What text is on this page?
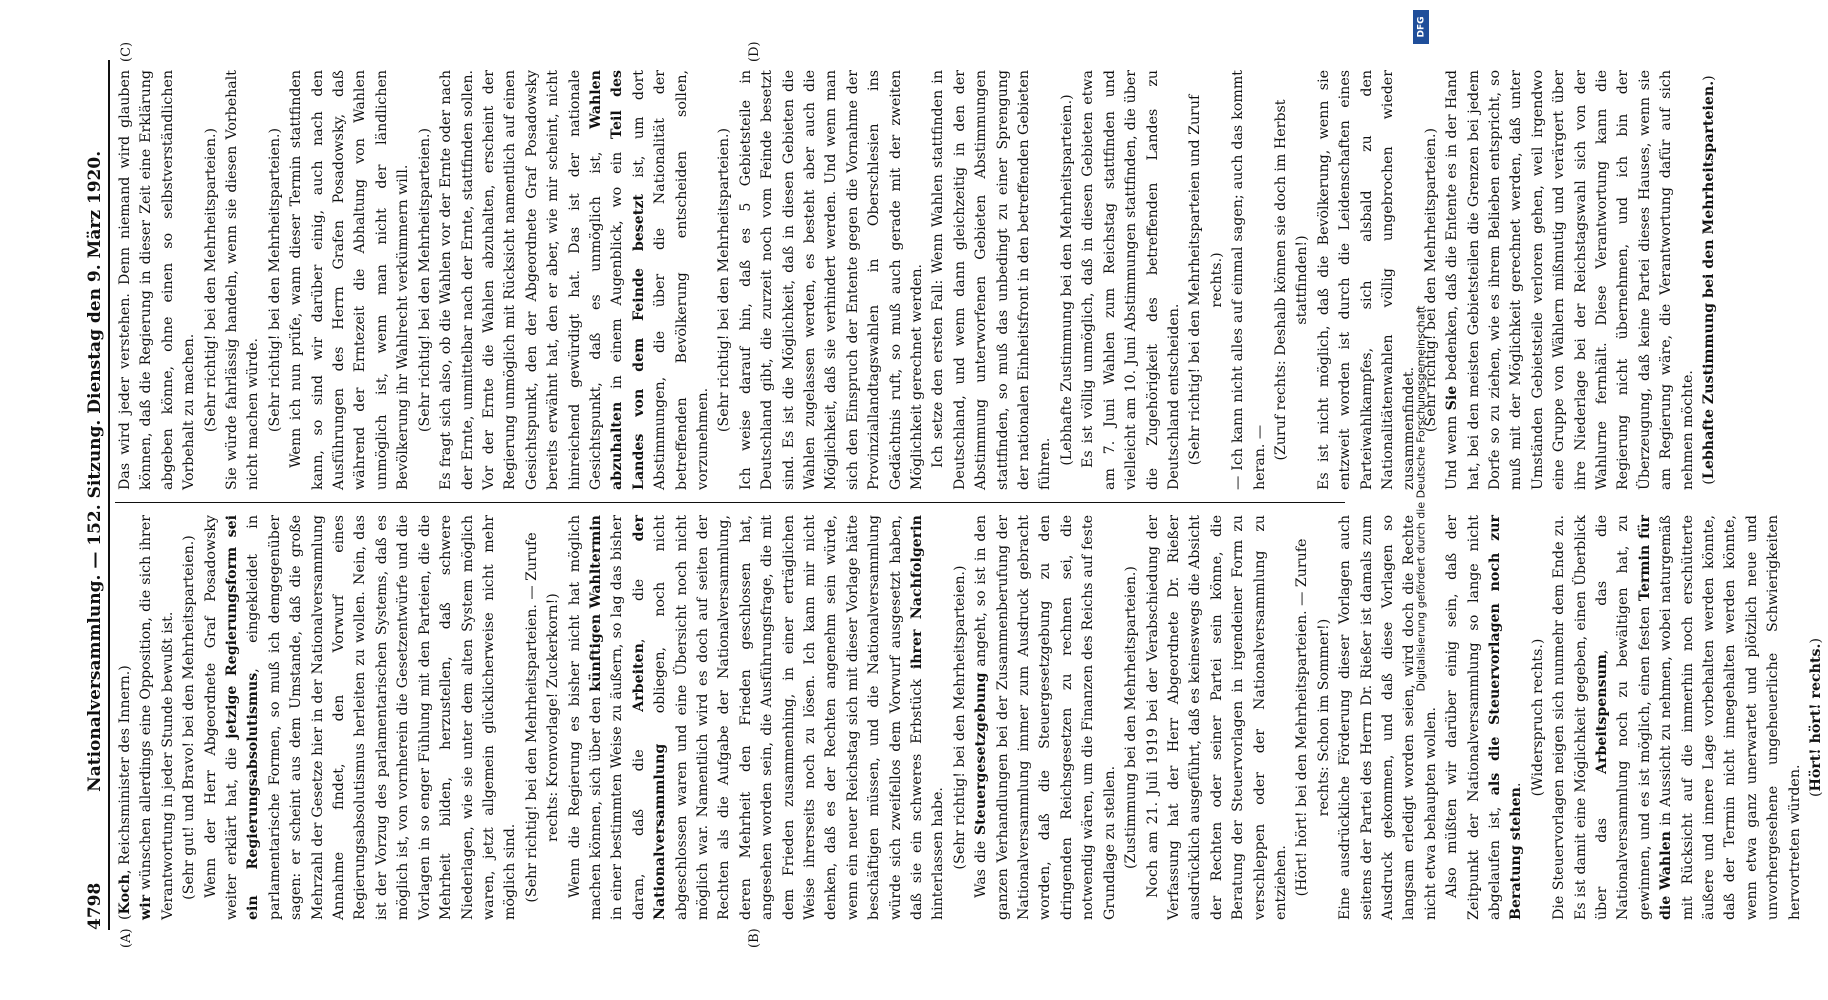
4798
Nationalversammlung. — 152. Sitzung. Dienstag den 9. März 1920.
(A)	(B)
(C)	(D)

(Koch, Reichsminister des Innern.)

wir wünschen allerdings eine Opposition, die sich ihrer Verantwortung in jeder Stunde bewußt ist. (Sehr gut! und Bravo! bei den Mehrheitsparteien.) Wenn der Herr Abgeordnete Graf Posadowsky weiter erklärt hat, die jetzige Regierungsform sei ein Regierungsabsolutismus, eingekleidet in parlamentarische Formen, so muß ich demgegenüber sagen: er scheint aus dem Umstande, daß die große Mehrzahl der Gesetze hier in der Nationalversammlung Annahme findet, den Vorwurf eines Regierungsabsolutismus herleiten zu wollen. Nein, das ist der Vorzug des parlamentarischen Systems, daß es möglich ist, von vornherein die Gesetzentwürfe und die Vorlagen in so enger Fühlung mit den Parteien, die die Mehrheit bilden, herzustellen, daß schwere Niederlagen, wie sie unter dem alten System möglich waren, jetzt allgemein glücklicherweise nicht mehr möglich sind. (Sehr richtig! bei den Mehrheitsparteien. — Zurufe rechts: Kronvorlage! Zuckerkorn!) Wenn die Regierung es bisher nicht hat möglich machen können, sich über den künftigen Wahltermin in einer bestimmten Weise zu äußern, so lag das bisher daran, daß die Arbeiten, die der Nationalversammlung obliegen, noch nicht abgeschlossen waren und eine Übersicht noch nicht möglich war. Namentlich wird es doch auf seiten der Rechten als die Aufgabe der Nationalversammlung, deren Mehrheit den Frieden geschlossen hat, angesehen worden sein, die Ausführungsfrage, die mit dem Frieden zusammenhing, in einer erträglichen Weise ihrerseits noch zu lösen. Ich kann mir nicht denken, daß es der Rechten angenehm sein würde, wenn ein neuer Reichstag sich mit dieser Vorlage hätte beschäftigen müssen, und die Nationalversammlung würde sich zweifellos dem Vorwurf ausgesetzt haben, daß sie ein schweres Erbstück ihrer Nachfolgerin hinterlassen habe. (Sehr richtig! bei den Mehrheitsparteien.) Was die Steuergesetzgebung angeht, so ist in den ganzen Verhandlungen bei der Zusammenberufung der Nationalversammlung immer zum Ausdruck gebracht worden, daß die Steuergesetzgebung zu den dringenden Reichsgesetzen zu rechnen sei, die notwendig wären, um die Finanzen des Reichs auf feste Grundlage zu stellen. (Zustimmung bei den Mehrheitsparteien.) Noch am 21. Juli 1919 bei der Verabschiedung der Verfassung hat der Herr Abgeordnete Dr. Rießer ausdrücklich ausgeführt, daß es keineswegs die Absicht der Rechten oder seiner Partei sein könne, die Beratung der Steuervorlagen in irgendeiner Form zu verschleppen oder der Nationalversammlung zu entziehen. (Hört! hört! bei den Mehrheitsparteien. — Zurufe rechts: Schon im Sommer!) Eine ausdrückliche Förderung dieser Vorlagen auch seitens der Partei des Herrn Dr. Rießer ist damals zum Ausdruck gekommen, und daß diese Vorlagen so langsam erledigt worden seien, wird doch die Rechte nicht etwa behaupten wollen. Also müßten wir darüber einig sein, daß der Zeitpunkt der Nationalversammlung so lange nicht abgelaufen ist, als die Steuervorlagen noch zur Beratung stehen. (Widerspruch rechts.) Die Steuervorlagen neigen sich nunmehr dem Ende zu. Es ist damit eine Möglichkeit gegeben, einen Überblick über das Arbeitspensum, das die Nationalversammlung noch zu bewältigen hat, zu gewinnen, und es ist möglich, einen festen Termin für die Wahlen in Aussicht zu nehmen, wobei naturgemäß mit Rücksicht auf die immerhin noch erschütterte äußere und innere Lage vorbehalten werden könnte, daß der Termin nicht innegehalten werden könnte, wenn etwa ganz unerwartet und plötzlich neue und unvorhergesehene ungeheuerliche Schwierigkeiten hervortreten würden. (Hört! hört! rechts.)

Das wird jeder verstehen. Denn niemand wird glauben können, daß die Regierung in dieser Zeit eine Erklärung abgeben könne, ohne einen so selbstverständlichen Vorbehalt zu machen. (Sehr richtig! bei den Mehrheitsparteien.) Sie würde fahrlässig handeln, wenn sie diesen Vorbehalt nicht machen würde. (Sehr richtig! bei den Mehrheitsparteien.) Wenn ich nun prüfe, wann dieser Termin stattfinden kann, so sind wir darüber einig, auch nach den Ausführungen des Herrn Grafen Posadowsky, daß während der Erntezeit die Abhaltung von Wahlen unmöglich ist, wenn man nicht der ländlichen Bevölkerung ihr Wahlrecht verkümmern will. (Sehr richtig! bei den Mehrheitsparteien.) Es fragt sich also, ob die Wahlen vor der Ernte oder nach der Ernte, unmittelbar nach der Ernte, stattfinden sollen. Vor der Ernte die Wahlen abzuhalten, erscheint der Regierung unmöglich mit Rücksicht namentlich auf einen Gesichtspunkt, den der Abgeordnete Graf Posadowsky bereits erwähnt hat, den er aber, wie mir scheint, nicht hinreichend gewürdigt hat. Das ist der nationale Gesichtspunkt, daß es unmöglich ist, Wahlen abzuhalten in einem Augenblick, wo ein Teil des Landes von dem Feinde besetzt ist, um dort Abstimmungen, die über die Nationalität der betreffenden Bevölkerung entscheiden sollen, vorzunehmen.

(Sehr richtig! bei den Mehrheitsparteien.) Ich weise darauf hin, daß es 5 Gebietsteile in Deutschland gibt, die zurzeit noch vom Feinde besetzt sind. Es ist die Möglichkeit, daß in diesen Gebieten die Wahlen zugelassen werden, es besteht aber auch die Möglichkeit, daß sie verhindert werden. Und wenn man sich den Einspruch der Entente gegen die Vornahme der Provinziallandtagswahlen in Oberschlesien ins Gedächtnis ruft, so muß auch gerade mit der zweiten Möglichkeit gerechnet werden. Ich setze den ersten Fall: Wenn Wahlen stattfinden in Deutschland, und wenn dann gleichzeitig in den der Abstimmung unterworfenen Gebieten Abstimmungen stattfinden, so muß das unbedingt zu einer Sprengung der nationalen Einheitsfront in den betreffenden Gebieten führen. (Lebhafte Zustimmung bei den Mehrheitsparteien.) Es ist völlig unmöglich, daß in diesen Gebieten etwa am 7. Juni Wahlen zum Reichstag stattfinden und vielleicht am 10. Juni Abstimmungen stattfinden, die über die Zugehörigkeit des betreffenden Landes zu Deutschland entscheiden. (Sehr richtig! bei den Mehrheitsparteien und Zuruf rechts.) — Ich kann nicht alles auf einmal sagen; auch das kommt heran. — (Zuruf rechts: Deshalb können sie doch im Herbst stattfinden!) Es ist nicht möglich, daß die Bevölkerung, wenn sie entzweit worden ist durch die Leidenschaften eines Parteiwahlkampfes, sich alsbald zu den Nationalitätenwahlen völlig ungebrochen wieder zusammenfindet. (Sehr richtig! bei den Mehrheitsparteien.)

Und wenn Sie bedenken, daß die Entente es in der Hand hat, bei den meisten Gebietsteilen die Grenzen bei jedem Dorfe so zu ziehen, wie es ihrem Belieben entspricht, so muß mit der Möglichkeit gerechnet werden, daß unter Umständen Gebietsteile verloren gehen, weil irgendwo eine Gruppe von Wählern mißmutig und verärgert über ihre Niederlage bei der Reichstagswahl sich von der Wahlurne fernhält. Diese Verantwortung kann die Regierung nicht übernehmen, und ich bin der Überzeugung, daß keine Partei dieses Hauses, wenn sie am Regierung wäre, die Verantwortung dafür auf sich nehmen möchte. (Lebhafte Zustimmung bei den Mehrheitsparteien.)

DFG
Digitalisierung gefördert durch die Deutsche Forschungsgemeinschaft
